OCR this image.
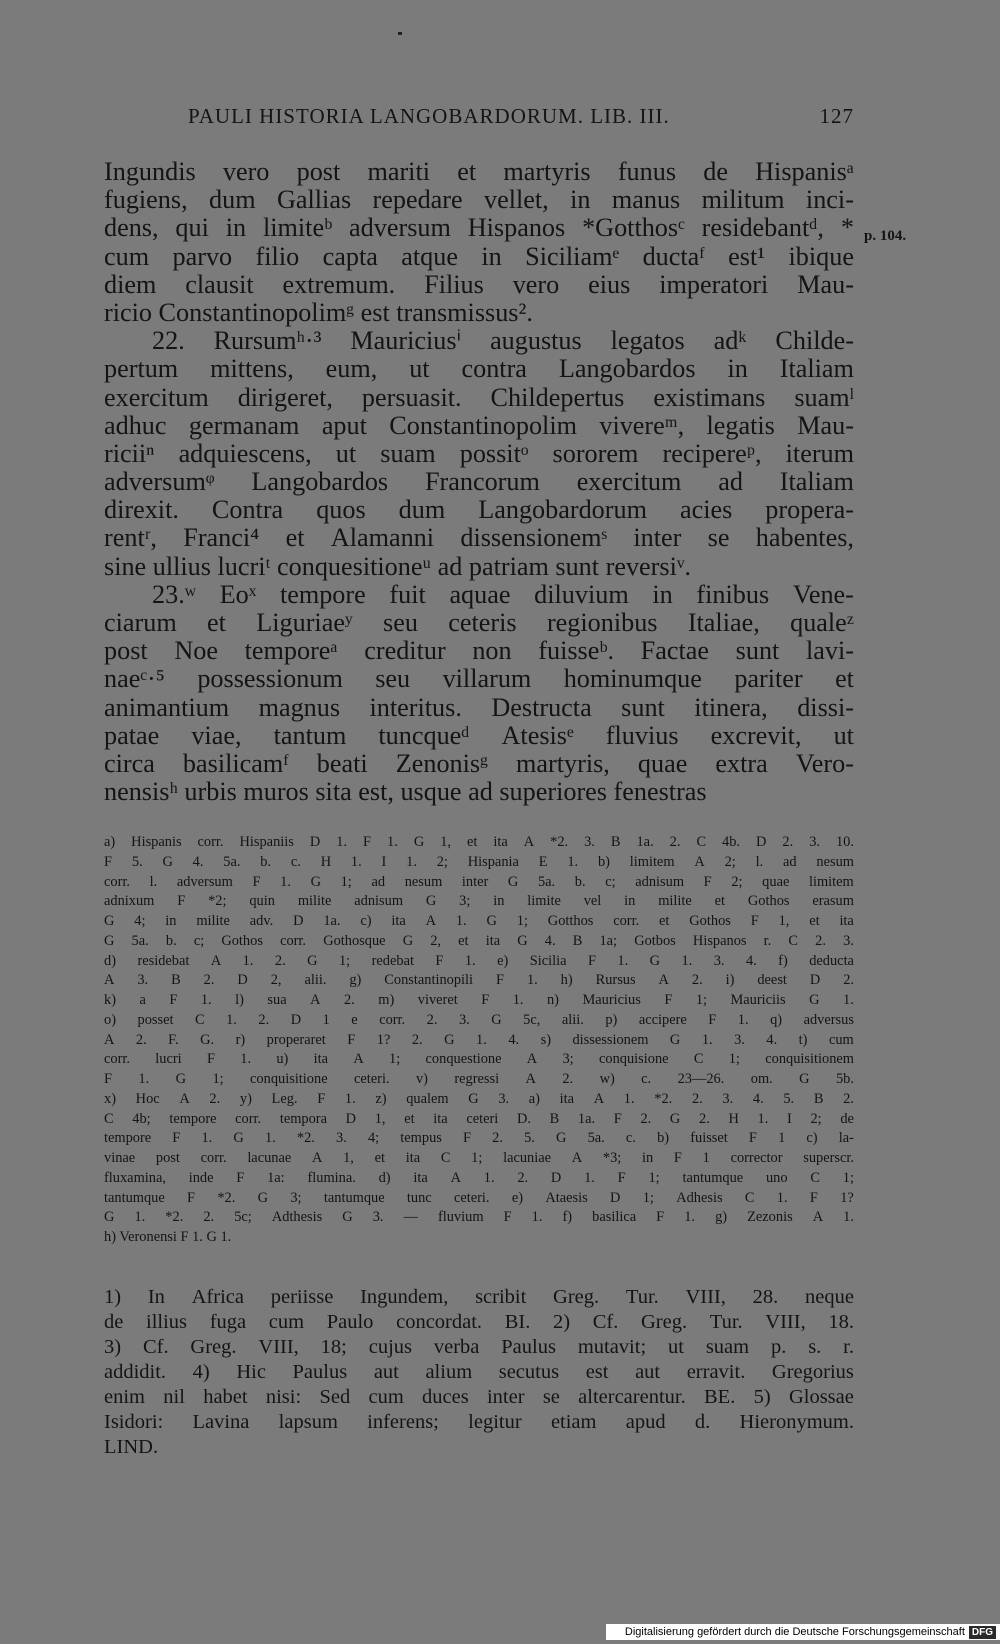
PAULI HISTORIA LANGOBARDORUM. LIB. III.	127
p. 104.
Ingundis vero post mariti et martyris funus de Hispanisᵃ
fugiens, dum Gallias repedare vellet, in manus militum inci-
dens, qui in limiteᵇ adversum Hispanos *Gotthosᶜ residebantᵈ, *
cum parvo filio capta atque in Siciliamᵉ ductaᶠ est¹ ibique
diem clausit extremum. Filius vero eius imperatori Mau-
ricio Constantinopolimᵍ est transmissus².
22. Rursumʰ·³ Mauriciusⁱ augustus legatos adᵏ Childe-
pertum mittens, eum, ut contra Langobardos in Italiam
exercitum dirigeret, persuasit. Childepertus existimans suamˡ
adhuc germanam aput Constantinopolim vivereᵐ, legatis Mau-
riciiⁿ adquiescens, ut suam possitᵒ sororem recipereᵖ, iterum
adversumᵠ Langobardos Francorum exercitum ad Italiam
direxit. Contra quos dum Langobardorum acies propera-
rentʳ, Franci⁴ et Alamanni dissensionemˢ inter se habentes,
sine ullius lucriᵗ conquesitioneᵘ ad patriam sunt reversiᵛ.
23.ʷ Eoˣ tempore fuit aquae diluvium in finibus Vene-
ciarum et Liguriaeʸ seu ceteris regionibus Italiae, qualeᶻ
post Noe temporeᵃ creditur non fuisseᵇ. Factae sunt lavi-
naeᶜ·⁵ possessionum seu villarum hominumque pariter et
animantium magnus interitus. Destructa sunt itinera, dissi-
patae viae, tantum tuncqueᵈ Atesisᵉ fluvius excrevit, ut
circa basilicamᶠ beati Zenonisᵍ martyris, quae extra Vero-
nensisʰ urbis muros sita est, usque ad superiores fenestras
a) Hispanis corr. Hispaniis D 1. F 1. G 1, et ita A *2. 3. B 1a. 2. C 4b. D 2. 3. 10.
F 5. G 4. 5a. b. c. H 1. I 1. 2; Hispania E 1. b) limitem A 2; l. ad nesum
corr. l. adversum F 1. G 1; ad nesum inter G 5a. b. c; adnisum F 2; quae limitem
adnixum F *2; quin milite adnisum G 3; in limite vel in milite et Gothos erasum
G 4; in milite adv. D 1a. c) ita A 1. G 1; Gotthos corr. et Gothos F 1, et ita
G 5a. b. c; Gothos corr. Gothosque G 2, et ita G 4. B 1a; Gotbos Hispanos r. C 2. 3.
d) residebat A 1. 2. G 1; redebat F 1. e) Sicilia F 1. G 1. 3. 4. f) deducta
A 3. B 2. D 2, alii. g) Constantinopili F 1. h) Rursus A 2. i) deest D 2.
k) a F 1. l) sua A 2. m) viveret F 1. n) Mauricius F 1; Mauriciis G 1.
o) posset C 1. 2. D 1 e corr. 2. 3. G 5c, alii. p) accipere F 1. q) adversus
A 2. F. G. r) properaret F 1? 2. G 1. 4. s) dissessionem G 1. 3. 4. t) cum
corr. lucri F 1. u) ita A 1; conquestione A 3; conquisione C 1; conquisitionem
F 1. G 1; conquisitione ceteri. v) regressi A 2. w) c. 23—26. om. G 5b.
x) Hoc A 2. y) Leg. F 1. z) qualem G 3. a) ita A 1. *2. 2. 3. 4. 5. B 2.
C 4b; tempore corr. tempora D 1, et ita ceteri D. B 1a. F 2. G 2. H 1. I 2; de
tempore F 1. G 1. *2. 3. 4; tempus F 2. 5. G 5a. c. b) fuisset F 1 c) la-
vinae post corr. lacunae A 1, et ita C 1; lacuniae A *3; in F 1 corrector superscr.
fluxamina, inde F 1a: flumina. d) ita A 1. 2. D 1. F 1; tantumque uno C 1;
tantumque F *2. G 3; tantumque tunc ceteri. e) Ataesis D 1; Adhesis C 1. F 1?
G 1. *2. 2. 5c; Adthesis G 3. — fluvium F 1. f) basilica F 1. g) Zezonis A 1.
h) Veronensi F 1. G 1.
1) In Africa periisse Ingundem, scribit Greg. Tur. VIII, 28. neque
de illius fuga cum Paulo concordat. BI. 2) Cf. Greg. Tur. VIII, 18.
3) Cf. Greg. VIII, 18; cujus verba Paulus mutavit; ut suam p. s. r.
addidit. 4) Hic Paulus aut alium secutus est aut erravit. Gregorius
enim nil habet nisi: Sed cum duces inter se altercarentur. BE. 5) Glossae
Isidori: Lavina lapsum inferens; legitur etiam apud d. Hieronymum.
LIND.
Digitalisierung gefördert durch die Deutsche Forschungsgemeinschaft DFG
